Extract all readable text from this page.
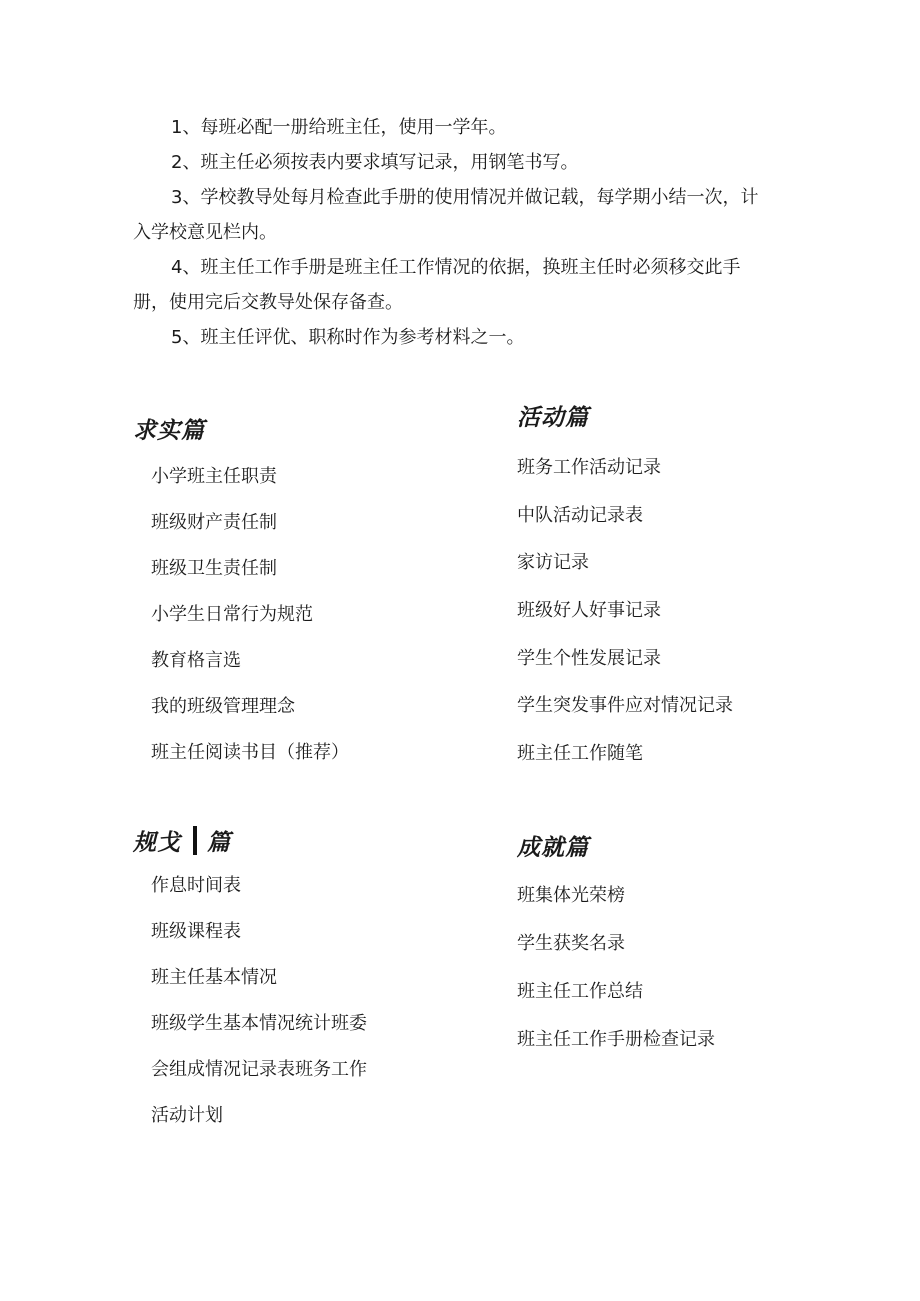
1、每班必配一册给班主任，使用一学年。

2、班主任必须按表内要求填写记录，用钢笔书写。

3、学校教导处每月检查此手册的使用情况并做记载，每学期小结一次，计入学校意见栏内。

4、班主任工作手册是班主任工作情况的依据，换班主任时必须移交此手册，使用完后交教导处保存备查。

5、班主任评优、职称时作为参考材料之一。

求实篇
小学班主任职责
班级财产责任制
班级卫生责任制
小学生日常行为规范
教育格言选
我的班级管理理念
班主任阅读书目（推荐）
活动篇
班务工作活动记录
中队活动记录表
家访记录
班级好人好事记录
学生个性发展记录
学生突发事件应对情况记录
班主任工作随笔
规戈 篇
作息时间表
班级课程表
班主任基本情况
班级学生基本情况统计班委
会组成情况记录表班务工作
活动计划
成就篇
班集体光荣榜
学生获奖名录
班主任工作总结
班主任工作手册检查记录
